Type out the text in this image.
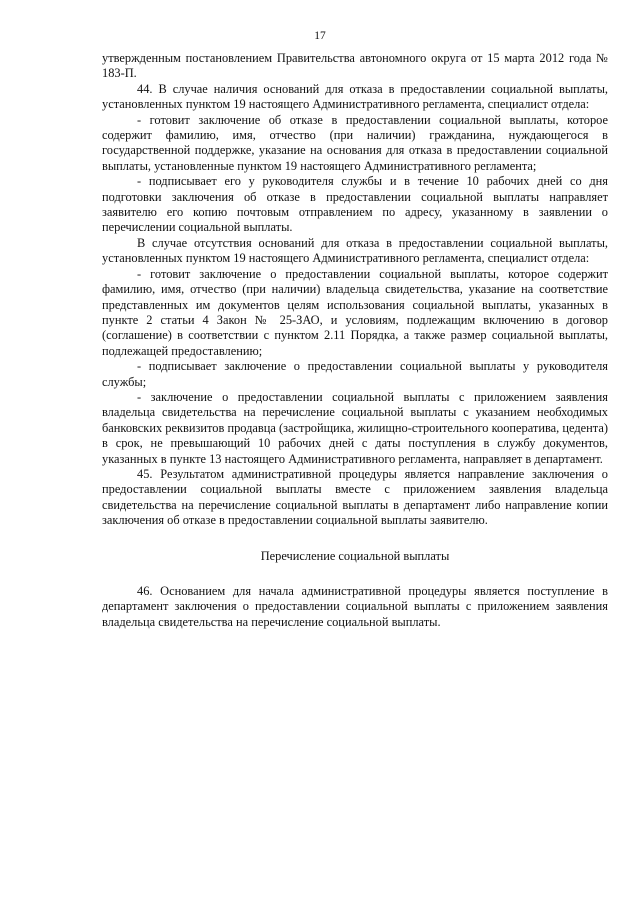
17

утвержденным постановлением Правительства автономного округа от 15 марта 2012 года № 183-П.

44. В случае наличия оснований для отказа в предоставлении социальной выплаты, установленных пунктом 19 настоящего Административного регламента, специалист отдела:

- готовит заключение об отказе в предоставлении социальной выплаты, которое содержит фамилию, имя, отчество (при наличии) гражданина, нуждающегося в государственной поддержке, указание на основания для отказа в предоставлении социальной выплаты, установленные пунктом 19 настоящего Административного регламента;

- подписывает его у руководителя службы и в течение 10 рабочих дней со дня подготовки заключения об отказе в предоставлении социальной выплаты направляет заявителю его копию почтовым отправлением по адресу, указанному в заявлении о перечислении социальной выплаты.

В случае отсутствия оснований для отказа в предоставлении социальной выплаты, установленных пунктом 19 настоящего Административного регламента, специалист отдела:

- готовит заключение о предоставлении социальной выплаты, которое содержит фамилию, имя, отчество (при наличии) владельца свидетельства, указание на соответствие представленных им документов целям использования социальной выплаты, указанных в пункте 2 статьи 4 Закон № 25-ЗАО, и условиям, подлежащим включению в договор (соглашение) в соответствии с пунктом 2.11 Порядка, а также размер социальной выплаты, подлежащей предоставлению;

- подписывает заключение о предоставлении социальной выплаты у руководителя службы;

- заключение о предоставлении социальной выплаты с приложением заявления владельца свидетельства на перечисление социальной выплаты с указанием необходимых банковских реквизитов продавца (застройщика, жилищно-строительного кооператива, цедента) в срок, не превышающий 10 рабочих дней с даты поступления в службу документов, указанных в пункте 13 настоящего Административного регламента, направляет в департамент.

45. Результатом административной процедуры является направление заключения о предоставлении социальной выплаты вместе с приложением заявления владельца свидетельства на перечисление социальной выплаты в департамент либо направление копии заключения об отказе в предоставлении социальной выплаты заявителю.

Перечисление социальной выплаты

46. Основанием для начала административной процедуры является поступление в департамент заключения о предоставлении социальной выплаты с приложением заявления владельца свидетельства на перечисление социальной выплаты.
